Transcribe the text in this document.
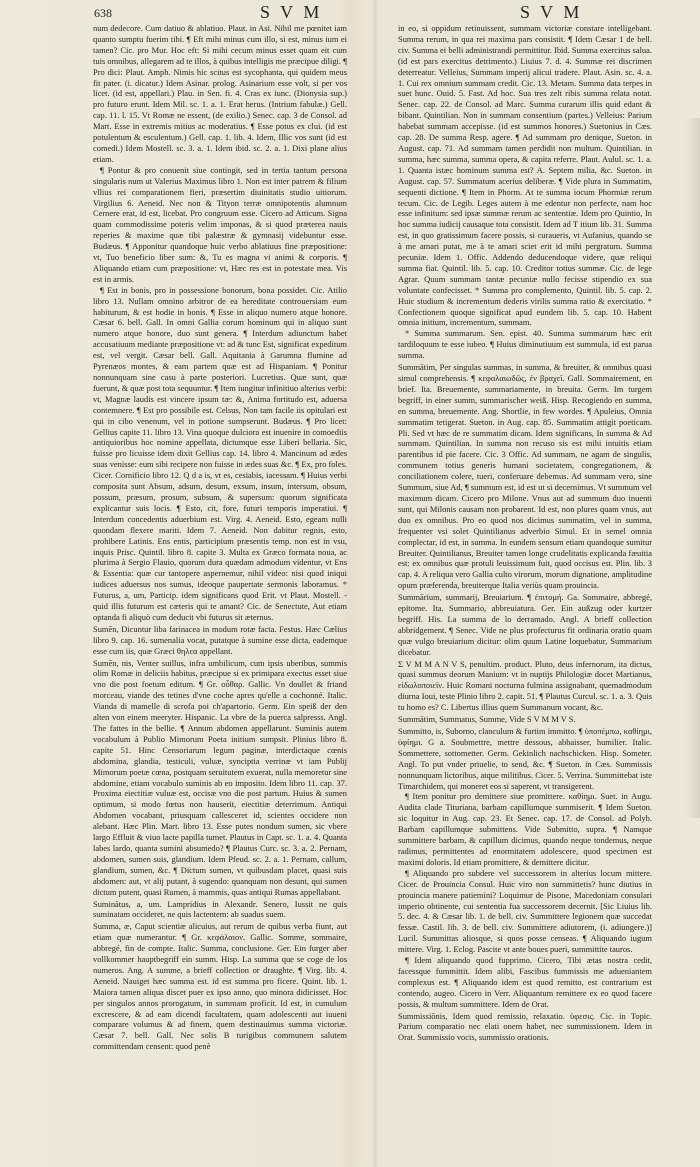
638	S V M	S V M

num dedecore. Cum datiuo & ablatiuo. Plaut. in Asi. Nihil me pœnitet iam quanto sumptu fuerim tibi. ¶ Eft mihi minus cum illo, si est, minus ium ei tamen? Cic. pro Mur. Hoc eft: Si mihi cecum minus esset quam eit cum tuis omnibus, allegarem ad te illos, à quibus intelligis me præcipue diligi. ¶ Pro dici: Plaut. Amph. Nimis hic scitus est sycophanta, qui quidem meus fit pater. (i. dicatur.) Idem Asinar. prolog. Asinarium esse volt, si per vos licet. (id est, appellari.) Plau. in Sen. fi. 4. Cras ex iunc. (Dionysia sup.) pro futuro erunt. Idem Mil. sc. 1. a. 1. Erat herus. (Intrium fabulæ.) Gell. cap. 11. l. 15. Vt Romæ ne essent, (de exilio.) Senec. cap. 3 de Consol. ad Mart. Esse in extremis mitius ac moderatius. ¶ Esse potus ex clui. (id est potulentum & esculentum.) Gell. cap. 1. lib. 4. Idem, Illic vos sunt (id est comedi.) Idem Mostell. sc. 3. a. 1. Idem ibid. sc. 2. a. 1. Dixi plane alius etiam.

¶ Pontur & pro conuenit siue contingit, sed in tertia tantum persona singularis num ut Valerius Maximus libro 1. Non est inter patrem & filium vllius rei comparationem fieri, præsertim diuinitatis studio uitiorum. Virgilius 6. Aeneid. Nec non & Tityon terræ omnipotentis alumnum Cernere erat, id est, licebat. Pro congruum esse. Cicero ad Atticum. Signa quam commodissime poteris velim imponas, & si quod præterea nauis reperies & maxime quæ tibi palæstræ & gymnasij videbuntur esse. Budæus. ¶ Apponitur quandoque huic verbo ablatiuus fine præpositione: vt, Tuo beneficio liber sum: &, Tu es magna vi animi & corporis. ¶ Aliquando etiam cum præpositione: vt, Hæc res est in potestate mea. Vis est in armis.

¶ Est in bonis, pro in possessione bonorum, bona possidet. Cic. Atilio libro 13. Nullam omnino arbitror de ea hereditate controuersiam eum habiturum, & est hodie in bonis. ¶ Esse in aliquo numero atque honore. Cæsar 6. bell. Gall. In omni Gallia corum hominum qui in aliquo sunt numero atque honore, duo sunt genera. ¶ Interdum adiunctum habet accusatiuum mediante præpositione vt: ad & tunc Est, significat expeditum est, vel vergit. Cæsar bell. Gall. Aquitania à Garumna flumine ad Pyrenæos montes, & eam partem quæ est ad Hispaniam. ¶ Ponitur nonnunquam sine casu à parte posteriori. Lucretius. Quæ sunt, quæ fuerunt, & quæ post tota sequuntur. ¶ Item iungitur infinitiuo alterius verbi: vt, Magnæ laudis est vincere ipsum tæ: &, Anima fortitudo est, aduersa contemnere. ¶ Est pro possibile est. Celsus, Non tam facile iis opitulari est qui in cibo venenum, vel in potione sumpserunt. Budæus. ¶ Pro licet: Gellius capite 11. libro 13. Vina quoque dulciora est inuenire in comoediis antiquioribus hoc nomine appellata, dictumque esse Liberi bellaria. Sic, fuisse pro licuisse idem dixit Gellius cap. 14. libro 4. Mancinum ad ædes suas venisse: eum sibi recipere non fuisse in ædes suas &c. ¶ Ex, pro foles. Cicer. Cornificio libro 12. Q d a is, vt es, cesiabis, iacessam. ¶ Huius verbi composita sunt Absum, adsum, desum, exsum, insum, intersum, obsum, possum, præsum, prosum, subsum, & supersum: quorum significata explicantur suis locis. ¶ Esto, cit, fore, futuri temporis imperatiui. ¶ Interdum concedentis aduerbium est. Virg. 4. Aeneid. Esto, egeam nulli quondam flexere mariti. Idem 7. Aeneid. Non dabitur regnis, esto, prohibere Latinis. Ens entis, participium præsentis temp. non est in vsu, inquis Prisc. Quintil. libro 8. capite 3. Multa ex Græco formata noua, ac plurima à Sergio Flauio, quorum dura quædam admodum videntur, vt Ens & Essentia: quæ cur tantopere aspernemur, nihil video: nisi quod iniqui iudices aduersus nos sumus, ideoque paupertate sermonis laboramus. * Futurus, a, um, Particip. idem significans quod Erit. vt Plaut. Mostell. - quid illis futurum est cæteris qui te amant? Cic. de Senectute, Aut etiam optanda fi aliquò cum deducit vbi futurus sit æternus.

Sumēn, Dicuntur liba farinacea in modum rotæ facta. Festus. Hæc Cælius libro 9. cap. 16. sumenalia vocat, putatque à sumine esse dicta, eademque esse cum iis, quæ Græci θηλεα appellant.

Sumēn, nis, Venter suillus, infra umbilicum, cum ipsis uberibus, summis olim Romæ in deliciis habitus, præcipue si ex primipara exectus esset siue vno die post foetum editum. ¶ Gr. οὖθαρ. Gallic. Vn doullet & friand morceau, viande des tetines d'vne coche apres qu'elle a cochonné. Italic. Vianda di mamelle di scrofa poi ch'apartorio. Germ. Ein speiß der den alten von einem meeryter. Hispanic. La vbre de la puerca salpresss. Angl. The fattes in the bellie. ¶ Annum abdomen appellarunt. Suminis autem vocabulum à Publio Mimorum Poeta initium sumpsit. Plinius libro 8. capite 51. Hinc Censoriarum legum paginæ, interdictaque cœnis abdomina, glandia, testiculi, vuluæ, synciptia verrinæ vt iam Publij Mimorum poetæ cœna, postquam seruitutem exuerat, nulla memoretur sine abdomine, etiam vocabulo suminis ab eo imposito. Idem libro 11. cap. 37. Proxima eiectitiæ vuluæ est, occisæ vno die post partum. Huius & sumen optimum, si modo fœtus non hauserit, eiectitiæ deterrimum. Antiqui Abdomen vocabant, priusquam callesceret id, scientes occidere non alebant. Hæc Plin. Mart. libro 13. Esse putes nondum sumen, sic vbere largo Effluit & viuo lacte papilla tumet. Plautus in Capt. sc. 1. a. 4. Quanta labes lardo, quanta sumini absumedo? ¶ Plautus Curc. sc. 3. a. 2. Pernam, abdomen, sumen suis, glandium. Idem Pfeud. sc. 2. a. 1. Pernam, callum, glandium, sumen, &c. ¶ Dictum sumen, vt quibusdam placet, quasi suis abdomen: aut, vt alij putant, à sugendo: quanquam non desunt, qui sumen dictum putent, quasi Rumen, à mammis, quas antiqui Rumas appellabant.

Suminātus, a, um. Lampridius in Alexandr. Senero, Iussit ne quis suminatam occideret, ne quis lactentem: ab suadus suem.

Summa, æ, Caput scientiæ alicuius, aut rerum de quibus verba fiunt, aut etiam quæ numerantur. ¶ Gr. κεφάλαιον. Gallic. Somme, sommaire, abbregé, fin de compte. Italic. Summa, conclusione. Ger. Ein furger aber vollkommer hauptbegriff ein summ. Hisp. La summa que se coge de los numeros. Ang. A summe, a brieff collection or draughte. ¶ Virg. lib. 4. Aeneid. Nauiget hæc summa est. id est summa pro ficere. Quint. lib. 1. Maiora tamen aliqua discet puer ex ipso anno, quo minora didicisset. Hoc per singulos annos prorogatum, in summam proficit. Id est, in cumulum excrescere, & ad eam dicendi facultatem, quam adolescenti aut iuueni comparare volumus & ad finem, quem destinauimus summa victoriæ. Cæsar 7. bell. Gall. Nec solis B turigibus communem salutem committendam censent: quod penè

in eo, si oppidum retinuissent, summam victoriæ constare intelligebant. Summa rerum, in qua rei maxima pars consistit. ¶ Idem Cæsar 1 de bell. civ. Summa ei belli administrandi permittitur. Ibid. Summa exercitus salua. (id est pars exercitus detrimento.) Liuius 7. d. 4. Summæ rei discrimen deterreatur. Velleius, Summam imperij alicui tradere. Plaut. Asin. sc. 4. a. 1. Cui rex omnium summam credit. Cic. 13. Metam. Summa data terpes in suet hunc. Ouid. 5. Fast. Ad hoc. Sua tres zelt ribis summa relata notat. Senec. cap. 22. de Consol. ad Marc. Summa curarum illis quid edant & bibant. Quintilian. Non in summam consentium (partes.) Velleius: Parium habebat summam accepisse. (id est summos honores.) Suetonius in Cæs. cap. 28. De summa Resp. agere. ¶ Ad summam pro denique, Sueton. in August. cap. 71. Ad summam tamen perdidit non multum. Quintilian. in summa, hæc summa, summa opera, & capita referre. Plaut. Aulul. sc. 1. a. 1. Quanta istæc hominum summa est? A. Septem milia, &c. Sueton. in August. cap. 57. Summatum acerius deliberæ. ¶ Vide plura in Summatim, sequenti dictione. ¶ Item in Phorm. At te summa iocum Phormiæ rerum tecum. Cic. de Legib. Leges autem à me edentur non perfecte, nam hoc esse infinitum: sed ipsæ summæ rerum ac sententiæ. Idem pro Quintio, In hoc summa iudicij causaque tota consistit. Idem ad T itium lib. 31. Summa est, in quo gratissimum facere possis, si curaueris, vt Aufanius, quando se à me amari putat, me à te amari sciet erit id mihi pergratum. Summa pecuniæ. Idem 1. Offic. Addendo deducendoque videre, quæ reliqui summa fiat. Quintil. lib. 5. cap. 10. Creditor totius summæ. Cic. de lege Agrar. Quum summam tantæ pecuniæ nullo fecisse stipendio ex sua voluntate confecisset. * Summa pro complemento, Quintil. lib. 5. cap. 2. Huic studium & incrementum dederis virilis summa ratio & exercitatio. * Confectionem quoque significat apud eundem lib. 5. cap. 10. Habent omnia initium, incrementum, summam.

* Summa summarum. Sen. epist. 40. Summa summarum hæc erit tardiloquum te esse iubeo. ¶ Huius diminutiuum est summula, id est parua summa.

Summātim, Per singulas summas, in summa, & breuiter, & omnibus quasi simul comprehensis. ¶ κεφαλαιωδῶς, ἐν βραχεῖ. Gall. Sommairement, en brief. Ita. Breuemente, summariamente, in breuita. Germ. Im turgem begriff, in einer summ, summarischer weiß. Hisp. Recogiendo en summa, en summa, breuemente. Ang. Shortlie, in few wordes. ¶ Apuleius, Omnia summatim tetigerat. Sueton. in Aug. cap. 85. Summatim attigit poeticam. Pli. Sed vt hæc de re summatim dicam. Idem significans, In summa & Ad summam. Quintilian. In summa non recuso sis est mihi intuitis etiam parentibus id pie facere. Cic. 3 Offic. Ad summam, ne agam de singulis, communem totius generis humani societatem, congregationem, & conciliationem colere, tueri, conferuare debemus. Ad summam vero, sine Summum, siue Ad, ¶ summum est, id est ut si decernimus. Vt summum vel maximum dicam. Cicero pro Milone. Vnus aut ad summum duo inuenti sunt, qui Milonis causam non probarent. Id est, non plures quam vnus, aut duo ex omnibus. Pro eo quod nos dicimus summatim, vel in summa, frequenter vsi solet Quintilianus adverbio Simul. Et in semel omnia complectar, id est, in summa. In eundem sensum etiam quandoque sumitur Breuiter. Quintilianus, Breuiter tamen longe crudelitatis explicanda fæuitia est: ex omnibus quæ protuli leuissimum fuit, quod occisus est. Plin. lib. 3 cap. 4. A reliqua vero Gallia culto virorum, morum dignatione, amplitudine opum præferenda, breuiterque Italia veriùs quam prouincia.

Summārium, summarij, Breuiarium. ¶ ἐπιτομή. Ga. Sommaire, abbregé, epitome. Ita. Summario, abbreuiatura. Ger. Ein außzug oder kurtzer begriff. His. La summa de lo derramado. Angl. A brieff collection abbridgement. ¶ Senec. Vide ne plus profecturus fit ordinaria oratio quam quæ vulgo breuiarium dicitur: olim quum Latine loquebatur, Summarium dicebatur.

Σ V M M A N V S, penultim. product. Pluto, deus infernorum, ita dictus, quasi summus deorum Manium: vt in nuptijs Philologiæ docet Martianus, εἰδωλοποιεῖν. Huic Romani nocturna fulmina assignabant, quemadmodum diurna Ioui, teste Plinio libro 2. capit. 51. ¶ Plautus Curcul. sc. 1. a. 3. Quis tu homo es? C. Libertus illius quem Summanum vocant, &c.

Summātim, Summatus, Summe, Vide S V M M V S.

Summitto, is, Suborno, clanculum & furtim immitto. ¶ ὑποπέμπω, καθίημι, ὑφίημι. G a. Soubmettre, mettre dessous, abbaisser, humilier. Italic. Sommettere, sottometter. Germ. Gekinlich nachschicken. Hisp. Someter. Angl. To put vnder priuelie, to send, &c. ¶ Sueton. in Cæs. Summissis nonnunquam lictoribus, atque militibus. Cicer. 5. Verrina. Summittebat iste Timarchidem, qui moneret eos si saperent, vt transigerent.

¶ Item ponitur pro demittere siue promittere. καθίημι. Suet. in Augu. Audita clade Tituriana, barbam capillumque summiserit. ¶ Idem Sueton. sic loquitur in Aug. cap. 23. Et Senec. cap. 17. de Consol. ad Polyb. Barbam capillumque submittens. Vide Submitto, supra. ¶ Namque summittere barbam, & capillum dicimus, quando neque tondemus, neque radimus, permittentes ad enormitatem adolescere, quod specimen est maximi doloris. Id etiam promittere, & demittere dicitur.

¶ Aliquando pro subdere vel successorem in alterius locum mittere. Cicer. de Prouincia Consul. Huic viro non summittetis? hunc diutius in prouincia manere patiemini? Loquimur de Pisone, Macedoniam consulari imperio obtinente, cui sententia fua successorem decernit. [Sic Liuius lib. 5. dec. 4. & Cæsar lib. 1. de bell. civ. Summittere legionem quæ succedat fessæ. Castil. lib. 3. de bell. civ. Summittere adiutorem, (i. adiungere.)] Lucil. Summittas aliosque, si quos posse censeas. ¶ Aliquando iugum mittere. Virg. 1. Eclog. Pascite vt ante boues pueri, summittite tauros.

¶ Idem aliquando quod fupprimo. Cicero, Tibi ætas nostra cedit, facessque fummittit. Idem alibi, Fascibus fummissis me adueniantem complexus est. ¶ Aliquando idem est quod remitto, est contrarium est contendo, augeo. Cicero in Verr. Aliquantum remittere ex eo quod facere possis, & multum summittere. Idem de Orat.

Summissiōnis, Idem quod remissio, relaxatio. ὑφεσις. Cic. in Topic. Parium comparatio nec elati onem habet, nec summissionem. Idem in Orat. Summissio vocis, summissio orationis.
